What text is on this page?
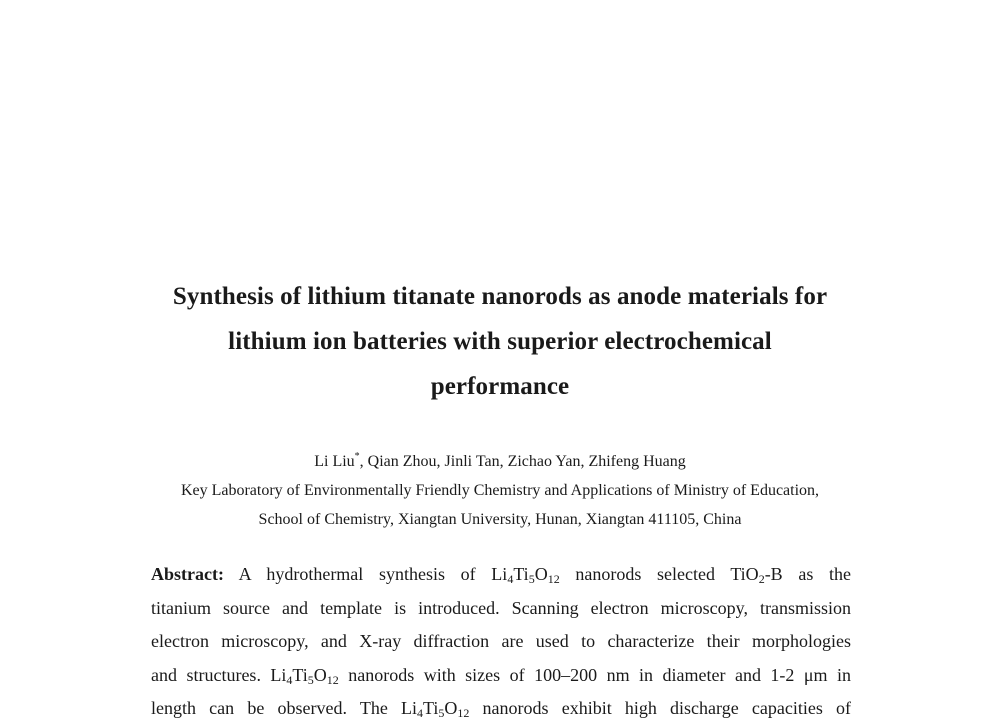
Synthesis of lithium titanate nanorods as anode materials for
lithium ion batteries with superior electrochemical
performance
Li Liu*, Qian Zhou, Jinli Tan, Zichao Yan, Zhifeng Huang
Key Laboratory of Environmentally Friendly Chemistry and Applications of Ministry of Education,
School of Chemistry, Xiangtan University, Hunan, Xiangtan 411105, China
Abstract: A hydrothermal synthesis of $Li_4Ti_5O_{12}$ nanorods selected TiO$_2$-B as the
titanium source and template is introduced. Scanning electron microscopy, transmission
electron microscopy, and X-ray diffraction are used to characterize their morphologies
and structures. $Li_4Ti_5O_{12}$ nanorods with sizes of 100–200 nm in diameter and 1-2 μm in
length can be observed. The $Li_4Ti_5O_{12}$ nanorods exhibit high discharge capacities of
